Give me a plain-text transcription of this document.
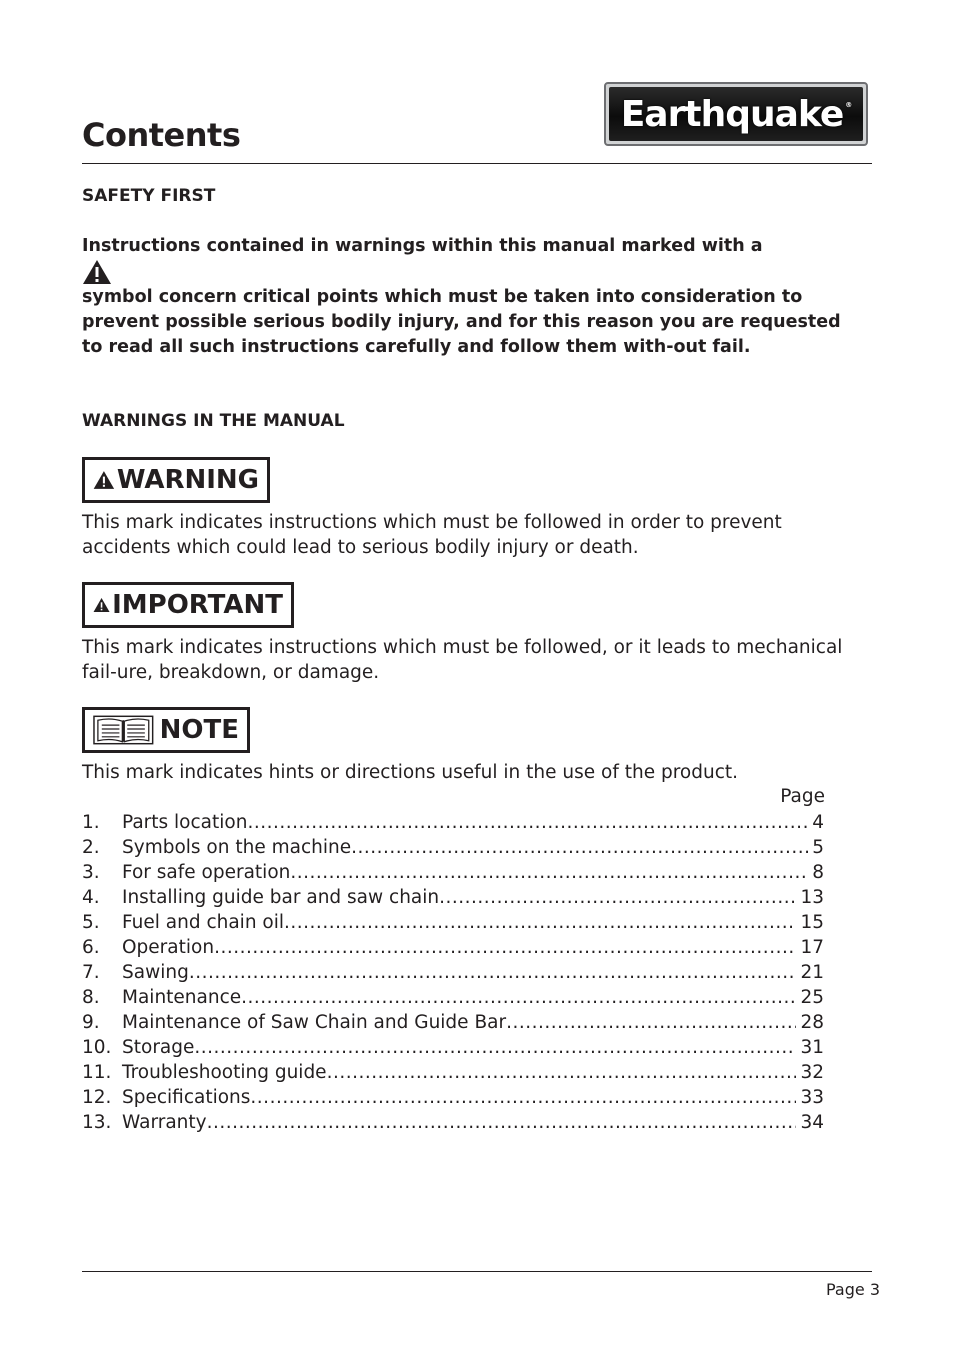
Contents
Earthquake ®
SAFETY FIRST
Instructions contained in warnings within this manual marked with a
symbol concern critical points which must be taken into consideration to prevent possible serious bodily injury, and for this reason you are requested to read all such instructions carefully and follow them with-out fail.
WARNINGS IN THE MANUAL
WARNING
This mark indicates instructions which must be followed in order to prevent accidents which could lead to serious bodily injury or death.
IMPORTANT
This mark indicates instructions which must be followed, or it leads to mechanical fail-ure, breakdown, or damage.
NOTE
This mark indicates hints or directions useful in the use of the product.
Page
1.	Parts location .....	4
2.	Symbols on the machine .....	5
3.	For safe operation .....	8
4.	Installing guide bar and saw chain .....	13
5.	Fuel and chain oil .....	15
6.	Operation .....	17
7.	Sawing .....	21
8.	Maintenance .....	25
9.	Maintenance of Saw Chain and Guide Bar .....	28
10. Storage .....	31
11. Troubleshooting guide .....	32
12. Specifications .....	33
13. Warranty .....	34
Page 3
